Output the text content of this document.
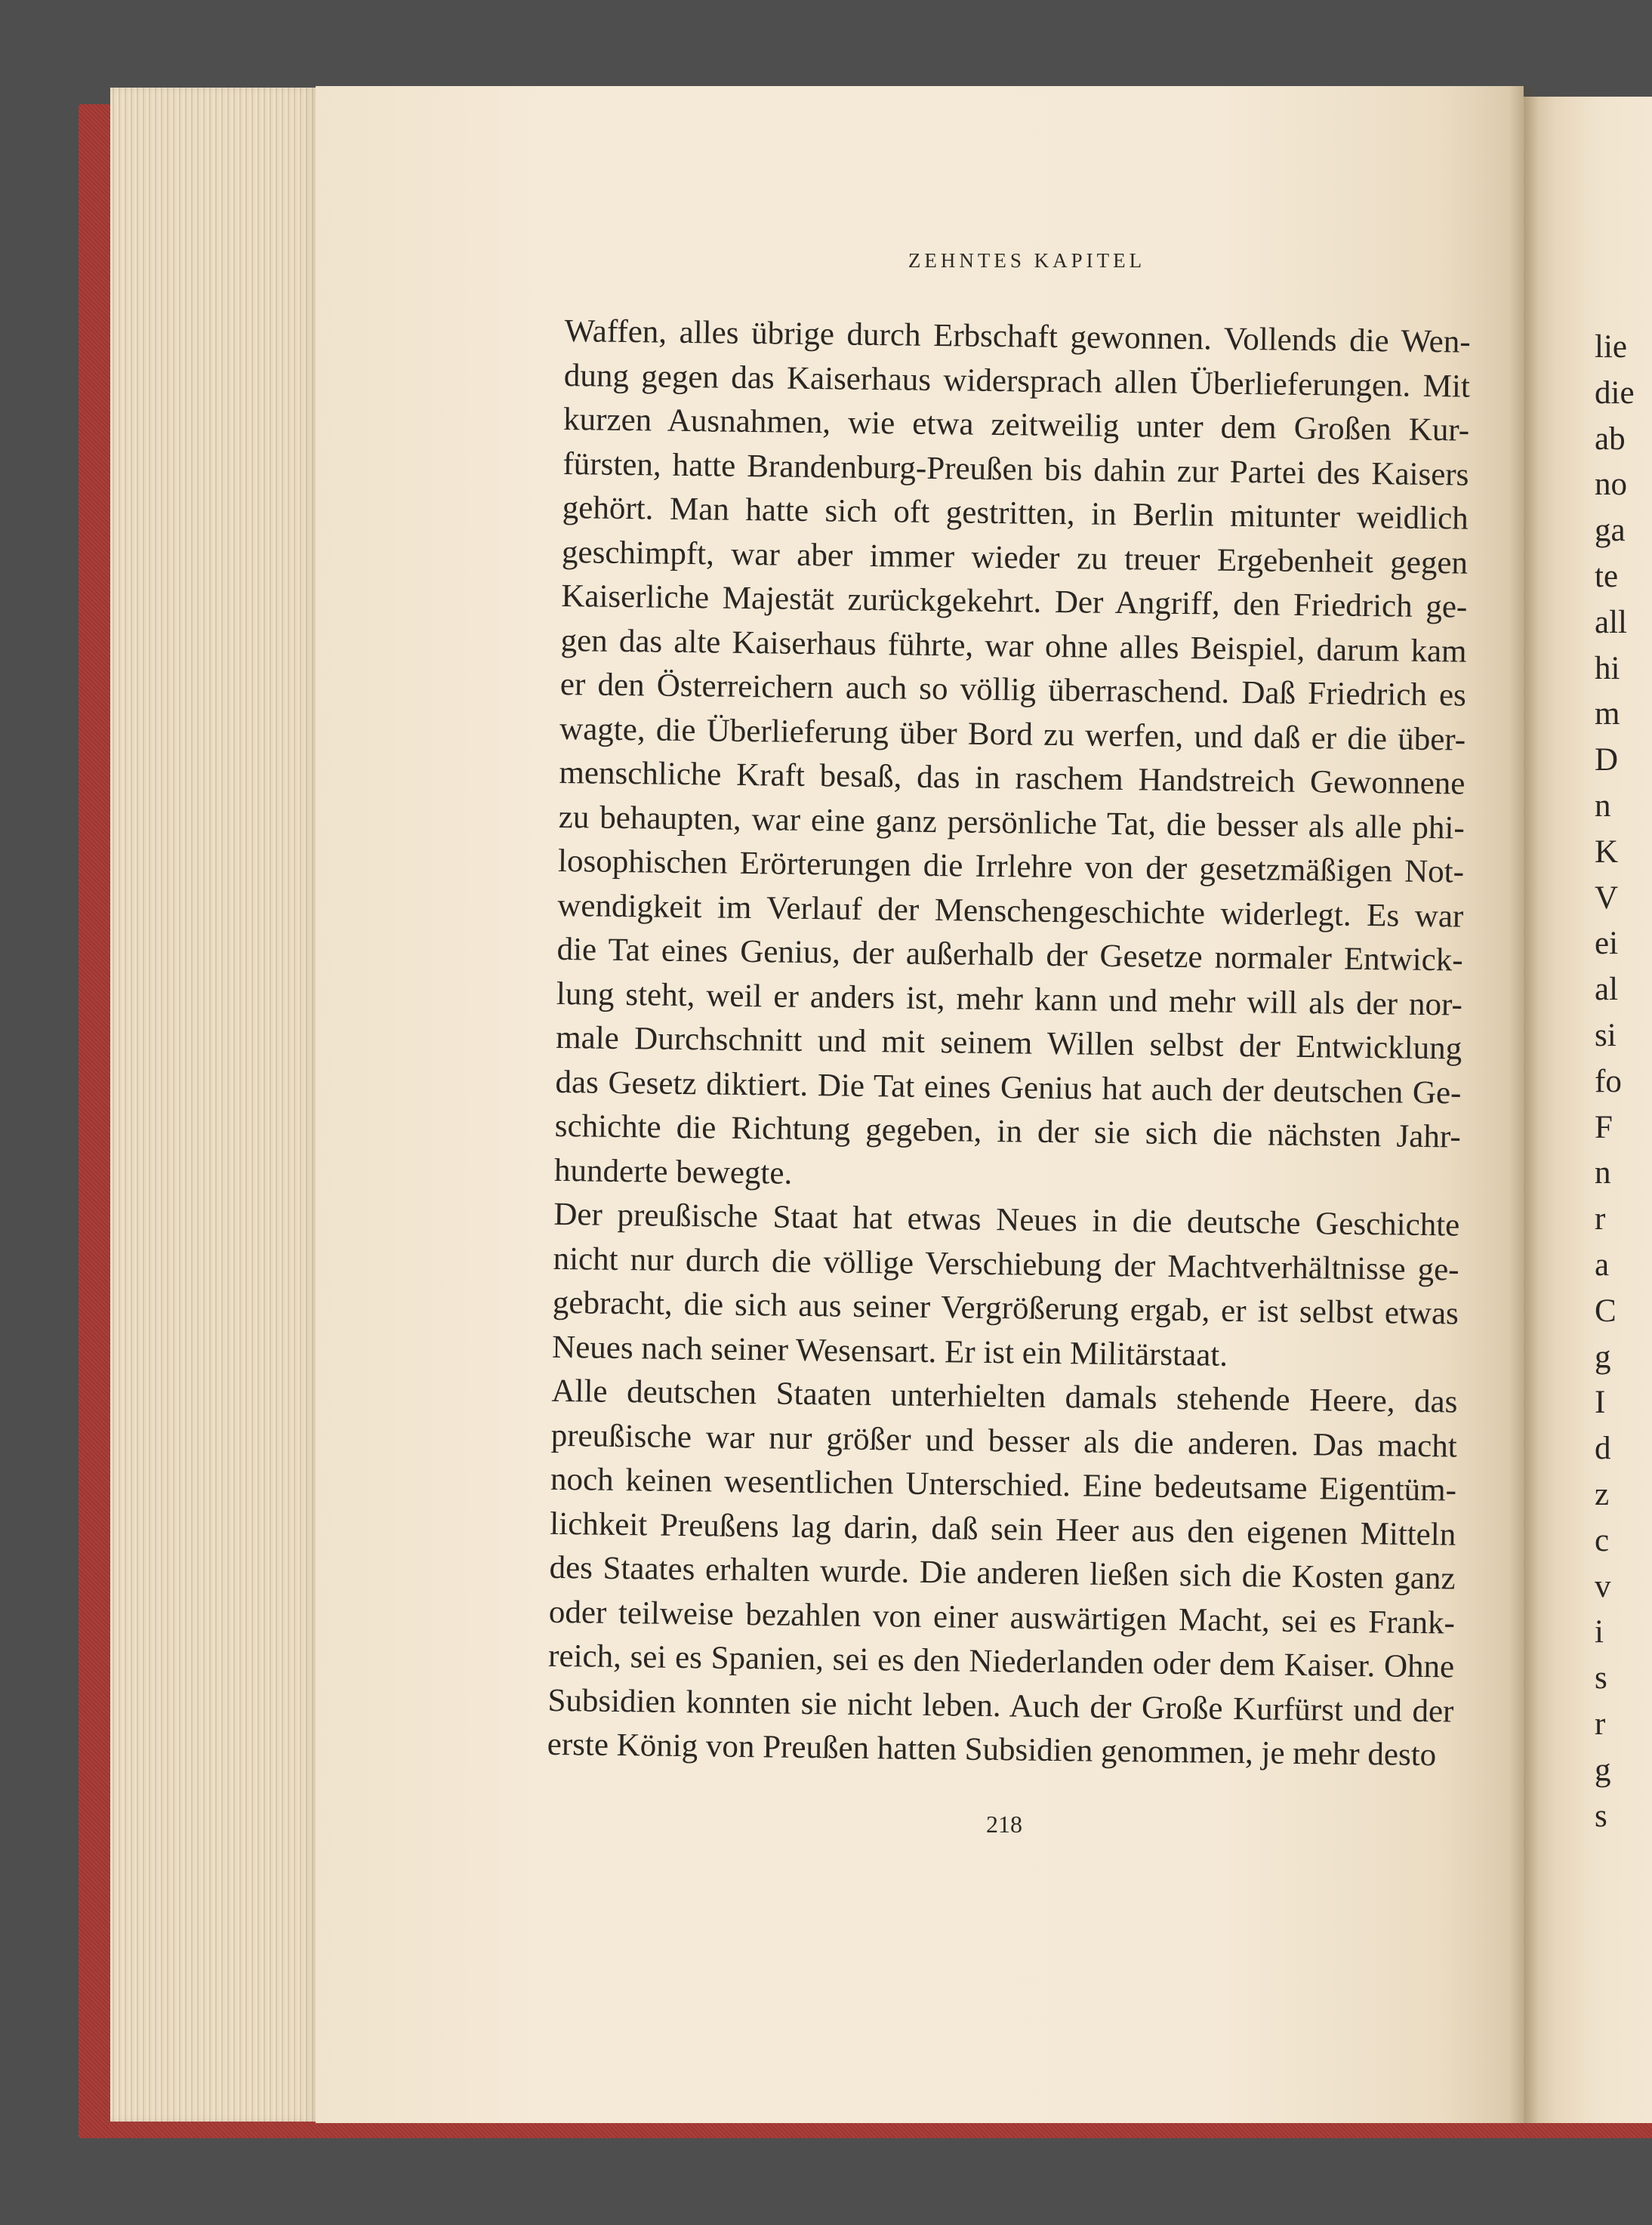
ZEHNTES KAPITEL
Waffen, alles übrige durch Erbschaft gewonnen. Vollends die Wen-
dung gegen das Kaiserhaus widersprach allen Überlieferungen. Mit
kurzen Ausnahmen, wie etwa zeitweilig unter dem Großen Kur-
fürsten, hatte Brandenburg-Preußen bis dahin zur Partei des Kaisers
gehört. Man hatte sich oft gestritten, in Berlin mitunter weidlich
geschimpft, war aber immer wieder zu treuer Ergebenheit gegen
Kaiserliche Majestät zurückgekehrt. Der Angriff, den Friedrich ge-
gen das alte Kaiserhaus führte, war ohne alles Beispiel, darum kam
er den Österreichern auch so völlig überraschend. Daß Friedrich es
wagte, die Überlieferung über Bord zu werfen, und daß er die über-
menschliche Kraft besaß, das in raschem Handstreich Gewonnene
zu behaupten, war eine ganz persönliche Tat, die besser als alle phi-
losophischen Erörterungen die Irrlehre von der gesetzmäßigen Not-
wendigkeit im Verlauf der Menschengeschichte widerlegt. Es war
die Tat eines Genius, der außerhalb der Gesetze normaler Entwick-
lung steht, weil er anders ist, mehr kann und mehr will als der nor-
male Durchschnitt und mit seinem Willen selbst der Entwicklung
das Gesetz diktiert. Die Tat eines Genius hat auch der deutschen Ge-
schichte die Richtung gegeben, in der sie sich die nächsten Jahr-
hunderte bewegte.
Der preußische Staat hat etwas Neues in die deutsche Geschichte
nicht nur durch die völlige Verschiebung der Machtverhältnisse ge-
gebracht, die sich aus seiner Vergrößerung ergab, er ist selbst etwas
Neues nach seiner Wesensart. Er ist ein Militärstaat.
Alle deutschen Staaten unterhielten damals stehende Heere, das
preußische war nur größer und besser als die anderen. Das macht
noch keinen wesentlichen Unterschied. Eine bedeutsame Eigentüm-
lichkeit Preußens lag darin, daß sein Heer aus den eigenen Mitteln
des Staates erhalten wurde. Die anderen ließen sich die Kosten ganz
oder teilweise bezahlen von einer auswärtigen Macht, sei es Frank-
reich, sei es Spanien, sei es den Niederlanden oder dem Kaiser. Ohne
Subsidien konnten sie nicht leben. Auch der Große Kurfürst und der
erste König von Preußen hatten Subsidien genommen, je mehr desto
218
lie
die
ab
no
ga
te
all
hi
m
D
n
K
V
ei
al
si
fo
F
n
r
a
C
g
I
d
z
c
v
i
s
r
g
s
